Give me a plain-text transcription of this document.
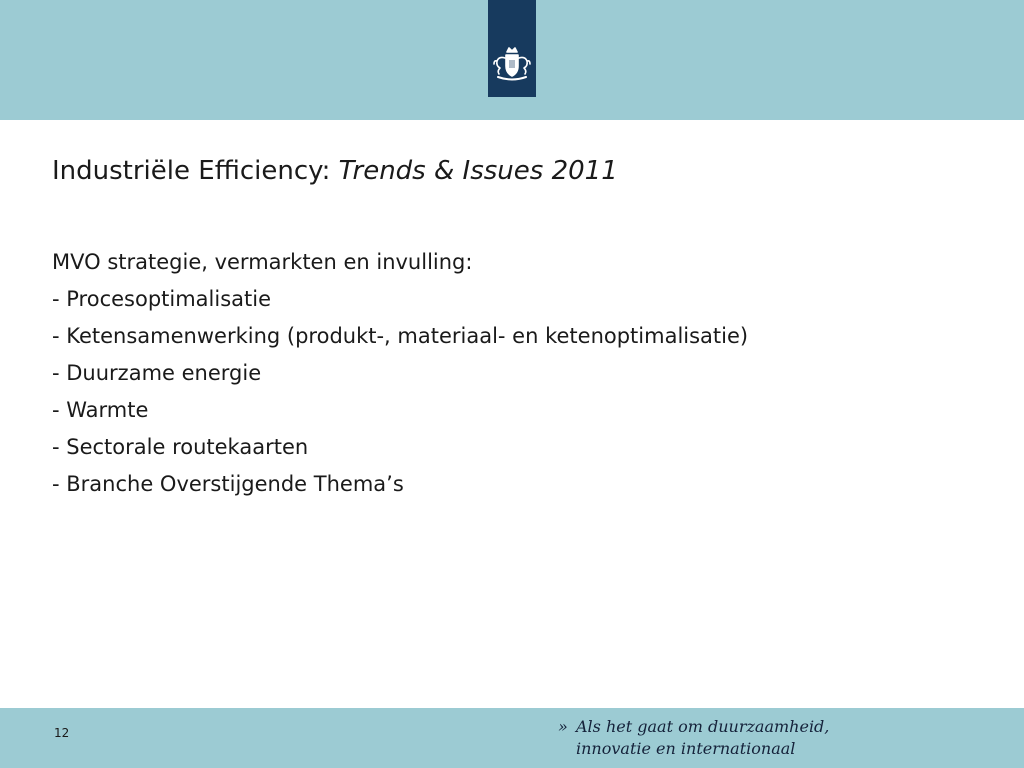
Industriële Efficiency: Trends & Issues 2011
MVO strategie, vermarkten en invulling:
- Procesoptimalisatie
- Ketensamenwerking (produkt-, materiaal- en ketenoptimalisatie)
- Duurzame energie
- Warmte
- Sectorale routekaarten
- Branche Overstijgende Thema’s
12	» Als het gaat om duurzaamheid,
innovatie en internationaal
